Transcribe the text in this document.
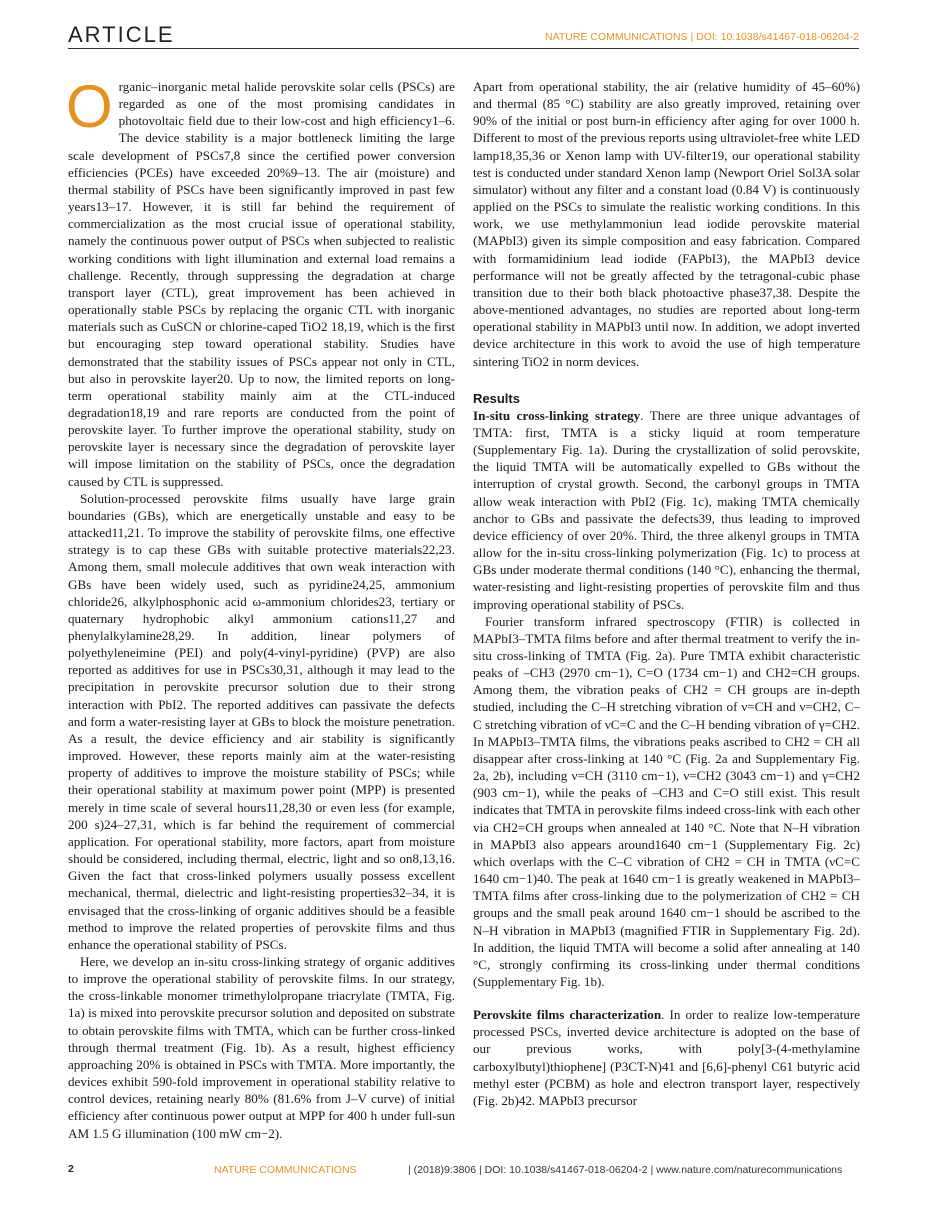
ARTICLE	NATURE COMMUNICATIONS | DOI: 10.1038/s41467-018-06204-2

Organic–inorganic metal halide perovskite solar cells (PSCs) are regarded as one of the most promising candidates in photovoltaic field due to their low-cost and high efficiency1–6. The device stability is a major bottleneck limiting the large scale development of PSCs7,8 since the certified power conversion efficiencies (PCEs) have exceeded 20%9–13. The air (moisture) and thermal stability of PSCs have been significantly improved in past few years13–17. However, it is still far behind the requirement of commercialization as the most crucial issue of operational stability, namely the continuous power output of PSCs when subjected to realistic working conditions with light illumination and external load remains a challenge. Recently, through suppressing the degradation at charge transport layer (CTL), great improvement has been achieved in operationally stable PSCs by replacing the organic CTL with inorganic materials such as CuSCN or chlorine-caped TiO2 18,19, which is the first but encouraging step toward operational stability. Studies have demonstrated that the stability issues of PSCs appear not only in CTL, but also in perovskite layer20. Up to now, the limited reports on long-term operational stability mainly aim at the CTL-induced degradation18,19 and rare reports are conducted from the point of perovskite layer. To further improve the operational stability, study on perovskite layer is necessary since the degradation of perovskite layer will impose limitation on the stability of PSCs, once the degradation caused by CTL is suppressed.

Solution-processed perovskite films usually have large grain boundaries (GBs), which are energetically unstable and easy to be attacked11,21. To improve the stability of perovskite films, one effective strategy is to cap these GBs with suitable protective materials22,23. Among them, small molecule additives that own weak interaction with GBs have been widely used, such as pyridine24,25, ammonium chloride26, alkylphosphonic acid ω-ammonium chlorides23, tertiary or quaternary hydrophobic alkyl ammonium cations11,27 and phenylalkylamine28,29. In addition, linear polymers of polyethyleneimine (PEI) and poly(4-vinyl-pyridine) (PVP) are also reported as additives for use in PSCs30,31, although it may lead to the precipitation in perovskite precursor solution due to their strong interaction with PbI2. The reported additives can passivate the defects and form a water-resisting layer at GBs to block the moisture penetration. As a result, the device efficiency and air stability is significantly improved. However, these reports mainly aim at the water-resisting property of additives to improve the moisture stability of PSCs; while their operational stability at maximum power point (MPP) is presented merely in time scale of several hours11,28,30 or even less (for example, 200 s)24–27,31, which is far behind the requirement of commercial application. For operational stability, more factors, apart from moisture should be considered, including thermal, electric, light and so on8,13,16. Given the fact that cross-linked polymers usually possess excellent mechanical, thermal, dielectric and light-resisting properties32–34, it is envisaged that the cross-linking of organic additives should be a feasible method to improve the related properties of perovskite films and thus enhance the operational stability of PSCs.

Here, we develop an in-situ cross-linking strategy of organic additives to improve the operational stability of perovskite films. In our strategy, the cross-linkable monomer trimethylolpropane triacrylate (TMTA, Fig. 1a) is mixed into perovskite precursor solution and deposited on substrate to obtain perovskite films with TMTA, which can be further cross-linked through thermal treatment (Fig. 1b). As a result, highest efficiency approaching 20% is obtained in PSCs with TMTA. More importantly, the devices exhibit 590-fold improvement in operational stability relative to control devices, retaining nearly 80% (81.6% from J–V curve) of initial efficiency after continuous power output at MPP for 400 h under full-sun AM 1.5 G illumination (100 mW cm−2).

Apart from operational stability, the air (relative humidity of 45–60%) and thermal (85 °C) stability are also greatly improved, retaining over 90% of the initial or post burn-in efficiency after aging for over 1000 h. Different to most of the previous reports using ultraviolet-free white LED lamp18,35,36 or Xenon lamp with UV-filter19, our operational stability test is conducted under standard Xenon lamp (Newport Oriel Sol3A solar simulator) without any filter and a constant load (0.84 V) is continuously applied on the PSCs to simulate the realistic working conditions. In this work, we use methylammoniun lead iodide perovskite material (MAPbI3) given its simple composition and easy fabrication. Compared with formamidinium lead iodide (FAPbI3), the MAPbI3 device performance will not be greatly affected by the tetragonal-cubic phase transition due to their both black photoactive phase37,38. Despite the above-mentioned advantages, no studies are reported about long-term operational stability in MAPbI3 until now. In addition, we adopt inverted device architecture in this work to avoid the use of high temperature sintering TiO2 in norm devices.

Results

In-situ cross-linking strategy. There are three unique advantages of TMTA: first, TMTA is a sticky liquid at room temperature (Supplementary Fig. 1a). During the crystallization of solid perovskite, the liquid TMTA will be automatically expelled to GBs without the interruption of crystal growth. Second, the carbonyl groups in TMTA allow weak interaction with PbI2 (Fig. 1c), making TMTA chemically anchor to GBs and passivate the defects39, thus leading to improved device efficiency of over 20%. Third, the three alkenyl groups in TMTA allow for the in-situ cross-linking polymerization (Fig. 1c) to process at GBs under moderate thermal conditions (140 °C), enhancing the thermal, water-resisting and light-resisting properties of perovskite film and thus improving operational stability of PSCs.

Fourier transform infrared spectroscopy (FTIR) is collected in MAPbI3–TMTA films before and after thermal treatment to verify the in-situ cross-linking of TMTA (Fig. 2a). Pure TMTA exhibit characteristic peaks of –CH3 (2970 cm−1), C=O (1734 cm−1) and CH2=CH groups. Among them, the vibration peaks of CH2 = CH groups are in-depth studied, including the C–H stretching vibration of ν=CH and ν=CH2, C–C stretching vibration of νC=C and the C–H bending vibration of γ=CH2. In MAPbI3–TMTA films, the vibrations peaks ascribed to CH2 = CH all disappear after cross-linking at 140 °C (Fig. 2a and Supplementary Fig. 2a, 2b), including ν=CH (3110 cm−1), ν=CH2 (3043 cm−1) and γ=CH2 (903 cm−1), while the peaks of –CH3 and C=O still exist. This result indicates that TMTA in perovskite films indeed cross-link with each other via CH2=CH groups when annealed at 140 °C. Note that N–H vibration in MAPbI3 also appears around1640 cm−1 (Supplementary Fig. 2c) which overlaps with the C–C vibration of CH2 = CH in TMTA (νC=C 1640 cm−1)40. The peak at 1640 cm−1 is greatly weakened in MAPbI3–TMTA films after cross-linking due to the polymerization of CH2 = CH groups and the small peak around 1640 cm−1 should be ascribed to the N–H vibration in MAPbI3 (magnified FTIR in Supplementary Fig. 2d). In addition, the liquid TMTA will become a solid after annealing at 140 °C, strongly confirming its cross-linking under thermal conditions (Supplementary Fig. 1b).

Perovskite films characterization. In order to realize low-temperature processed PSCs, inverted device architecture is adopted on the base of our previous works, with poly[3-(4-methylamine carboxylbutyl)thiophene] (P3CT-N)41 and [6,6]-phenyl C61 butyric acid methyl ester (PCBM) as hole and electron transport layer, respectively (Fig. 2b)42. MAPbI3 precursor

2	NATURE COMMUNICATIONS	| (2018)9:3806 | DOI: 10.1038/s41467-018-06204-2 | www.nature.com/naturecommunications
